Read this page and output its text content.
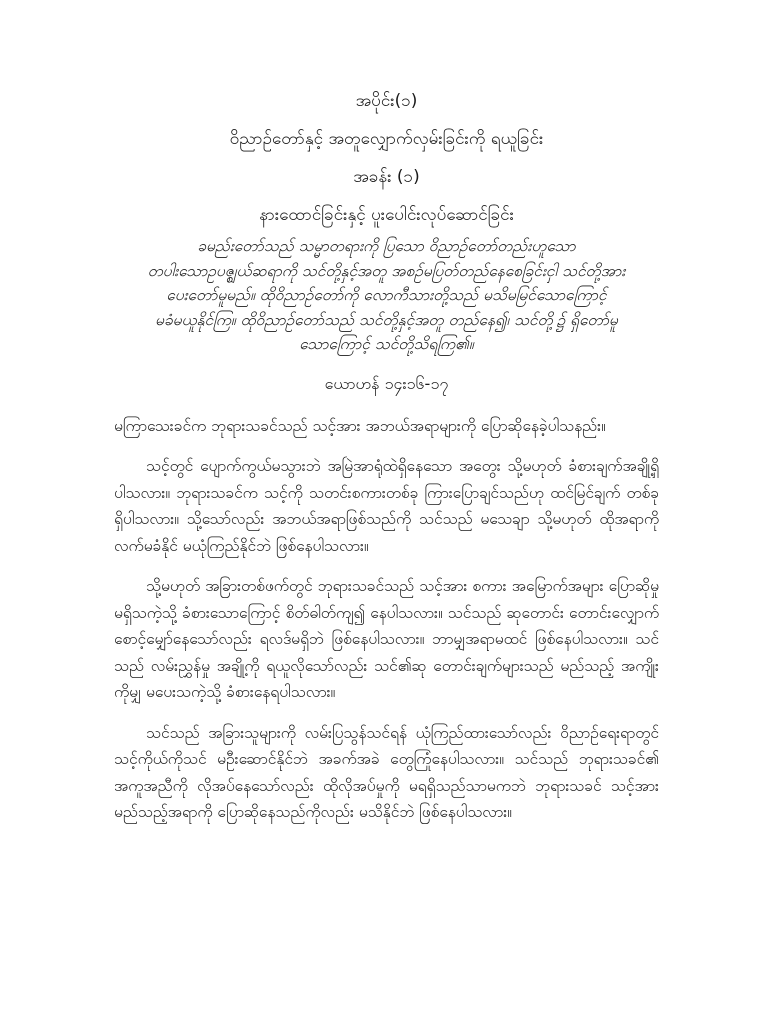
အပိုင်း(၁)
ဝိညာဉ်တော်နှင့် အတူလျှောက်လှမ်းခြင်းကို ရယူခြင်း
အခန်း (၁)
နားထောင်ခြင်းနှင့် ပူးပေါင်းလုပ်ဆောင်ခြင်း
ခမည်းတော်သည် သမ္မာတရားကို ပြသော ဝိညာဉ်တော်တည်းဟူသော
တပါးသောဥပဇ္ဈယ်ဆရာကို သင်တို့နှင့်အတူ အစဉ်မပြတ်တည်နေစေခြင်းငှါ သင်တို့အား
ပေးတော်မူမည်။ ထိုဝိညာဉ်တော်ကို လောကီသားတို့သည် မသိမမြင်သောကြောင့်
မခံမယူနိုင်ကြ။ ထိုဝိညာဉ်တော်သည် သင်တို့နှင့်အတူ တည်နေ၍၊ သင်တို့၌ ရှိတော်မူ
သောကြောင့် သင်တို့သိရကြ၏။
ယောဟန် ၁၄း၁၆-၁၇

မကြာသေးခင်က ဘုရားသခင်သည် သင့်အား အဘယ်အရာများကို ပြောဆိုနေခဲ့ပါသနည်း။

သင့်တွင် ပျောက်ကွယ်မသွားဘဲ အမြဲအာရုံထဲရှိနေသော အတွေး သို့မဟုတ် ခံစားချက်အချို့ရှိပါသလား။ ဘုရားသခင်က သင့်ကို သတင်းစကားတစ်ခု ကြားပြောချင်သည်ဟု ထင်မြင်ချက် တစ်ခုရှိပါသလား။ သို့သော်လည်း အဘယ်အရာဖြစ်သည်ကို သင်သည် မသေချာ သို့မဟုတ် ထိုအရာကို လက်မခံနိုင် မယုံကြည်နိုင်ဘဲ ဖြစ်နေပါသလား။

သို့မဟုတ် အခြားတစ်ဖက်တွင် ဘုရားသခင်သည် သင့်အား စကား အမြောက်အများ ပြောဆိုမှု မရှိသကဲ့သို့ ခံစားသောကြောင့် စိတ်ဓါတ်ကျ၍ နေပါသလား။ သင်သည် ဆုတောင်း တောင်းလျှောက် စောင့်မျှော်နေသော်လည်း ရလဒ်မရှိဘဲ ဖြစ်နေပါသလား။ ဘာမျှအရာမထင် ဖြစ်နေပါသလား။ သင်သည် လမ်းညွှန်မှု အချို့ကို ရယူလိုသော်လည်း သင်၏ဆု တောင်းချက်များသည် မည်သည့် အကျိုးကိုမျှ မပေးသကဲ့သို့ ခံစားနေရပါသလား။

သင်သည် အခြားသူများကို လမ်းပြသွန်သင်ရန် ယုံကြည်ထားသော်လည်း ဝိညာဉ်ရေးရာတွင် သင့်ကိုယ်ကိုသင် မဦးဆောင်နိုင်ဘဲ အခက်အခဲ တွေကြုံနေပါသလား။ သင်သည် ဘုရားသခင်၏ အကူအညီကို လိုအပ်နေသော်လည်း ထိုလိုအပ်မှုကို မရရှိသည်သာမကဘဲ ဘုရားသခင် သင့်အား မည်သည့်အရာကို ပြောဆိုနေသည်ကိုလည်း မသိနိုင်ဘဲ ဖြစ်နေပါသလား။
